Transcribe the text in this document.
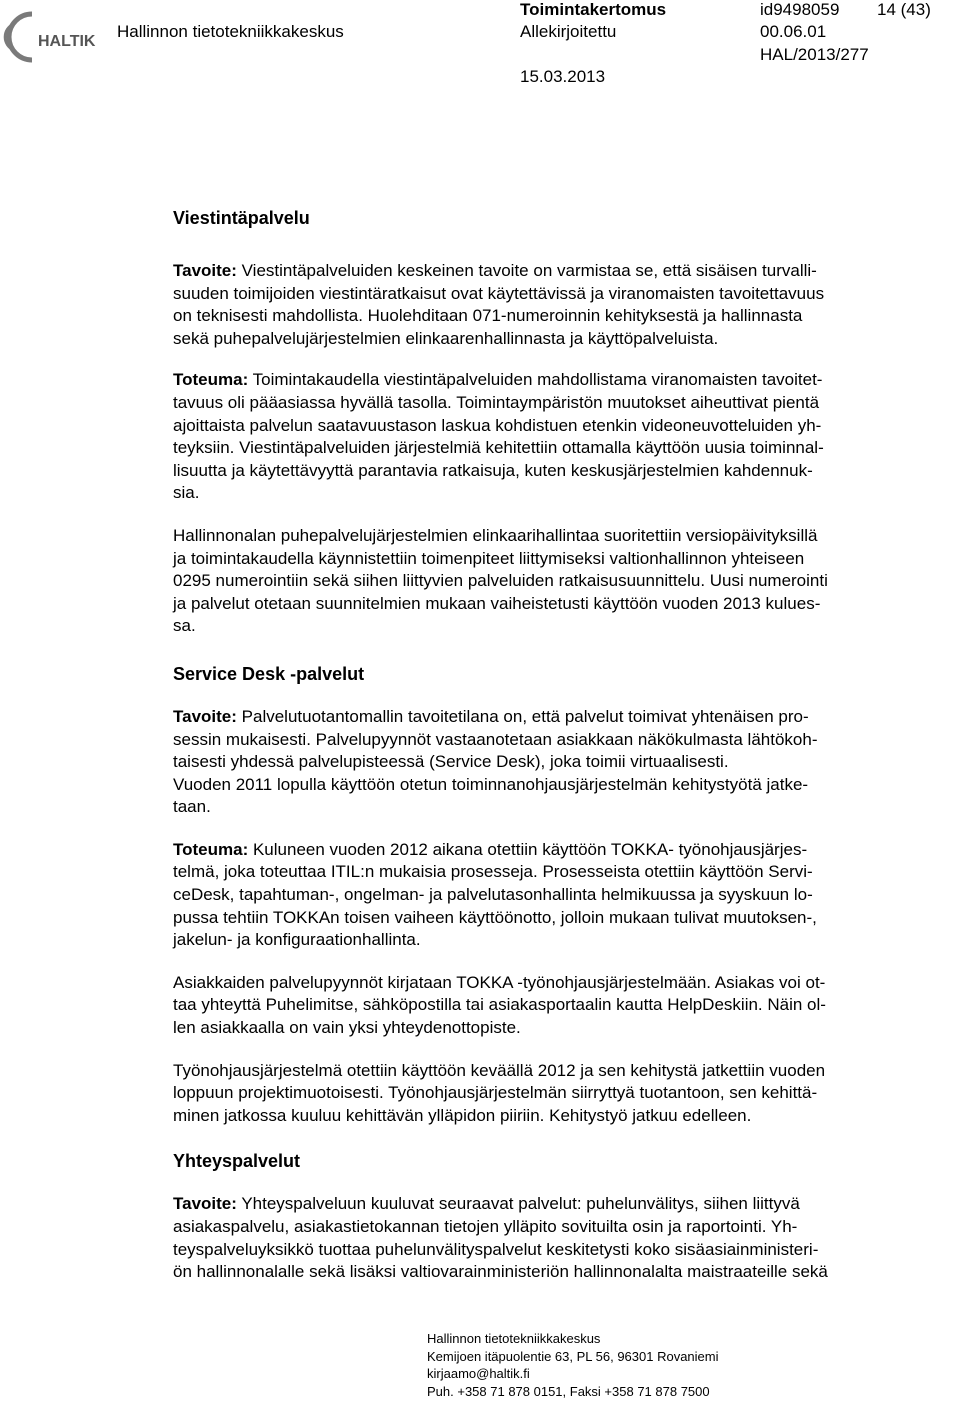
HALTIK
Hallinnon tietotekniikkakeskus
Toimintakertomus
Allekirjoitettu
15.03.2013
id9498059
00.06.01
HAL/2013/277
14 (43)
Viestintäpalvelu

Tavoite: Viestintäpalveluiden keskeinen tavoite on varmistaa se, että sisäisen turvalli-
suuden toimijoiden viestintäratkaisut ovat käytettävissä ja viranomaisten tavoitettavuus
on teknisesti mahdollista. Huolehditaan 071-numeroinnin kehityksestä ja hallinnasta
sekä puhepalvelujärjestelmien elinkaarenhallinnasta ja käyttöpalveluista.

Toteuma: Toimintakaudella viestintäpalveluiden mahdollistama viranomaisten tavoitet-
tavuus oli pääasiassa hyvällä tasolla. Toimintaympäristön muutokset aiheuttivat pientä
ajoittaista palvelun saatavuustason laskua kohdistuen etenkin videoneuvotteluiden yh-
teyksiin. Viestintäpalveluiden järjestelmiä kehitettiin ottamalla käyttöön uusia toiminnal-
lisuutta ja käytettävyyttä parantavia ratkaisuja, kuten keskusjärjestelmien kahdennuk-
sia.

Hallinnonalan puhepalvelujärjestelmien elinkaarihallintaa suoritettiin versiopäivityksillä
ja toimintakaudella käynnistettiin toimenpiteet liittymiseksi valtionhallinnon yhteiseen
0295 numerointiin sekä siihen liittyvien palveluiden ratkaisusuunnittelu. Uusi numerointi
ja palvelut otetaan suunnitelmien mukaan vaiheistetusti käyttöön vuoden 2013 kulues-
sa.

Service Desk -palvelut

Tavoite: Palvelutuotantomallin tavoitetilana on, että palvelut toimivat yhtenäisen pro-
sessin mukaisesti. Palvelupyynnöt vastaanotetaan asiakkaan näkökulmasta lähtökoh-
taisesti yhdessä palvelupisteessä (Service Desk), joka toimii virtuaalisesti.
Vuoden 2011 lopulla käyttöön otetun toiminnanohjausjärjestelmän kehitystyötä jatke-
taan.

Toteuma: Kuluneen vuoden 2012 aikana otettiin käyttöön TOKKA- työnohjausjärjes-
telmä, joka toteuttaa ITIL:n mukaisia prosesseja. Prosesseista otettiin käyttöön Servi-
ceDesk, tapahtuman-, ongelman- ja palvelutasonhallinta helmikuussa ja syyskuun lo-
pussa tehtiin TOKKAn toisen vaiheen käyttöönotto, jolloin mukaan tulivat muutoksen-,
jakelun- ja konfiguraationhallinta.

Asiakkaiden palvelupyynnöt kirjataan TOKKA -työnohjausjärjestelmään. Asiakas voi ot-
taa yhteyttä Puhelimitse, sähköpostilla tai asiakasportaalin kautta HelpDeskiin. Näin ol-
len asiakkaalla on vain yksi yhteydenottopiste.

Työnohjausjärjestelmä otettiin käyttöön keväällä 2012 ja sen kehitystä jatkettiin vuoden
loppuun projektimuotoisesti. Työnohjausjärjestelmän siirryttyä tuotantoon, sen kehittä-
minen jatkossa kuuluu kehittävän ylläpidon piiriin. Kehitystyö jatkuu edelleen.

Yhteyspalvelut

Tavoite: Yhteyspalveluun kuuluvat seuraavat palvelut: puhelunvälitys, siihen liittyvä
asiakaspalvelu, asiakastietokannan tietojen ylläpito sovituilta osin ja raportointi. Yh-
teyspalveluyksikkö tuottaa puhelunvälityspalvelut keskitetysti koko sisäasiainministeri-
ön hallinnonalalle sekä lisäksi valtiovarainministeriön hallinnonalalta maistraateille sekä

Hallinnon tietotekniikkakeskus
Kemijoen itäpuolentie 63, PL 56, 96301 Rovaniemi
kirjaamo@haltik.fi
Puh. +358 71 878 0151, Faksi +358 71 878 7500
